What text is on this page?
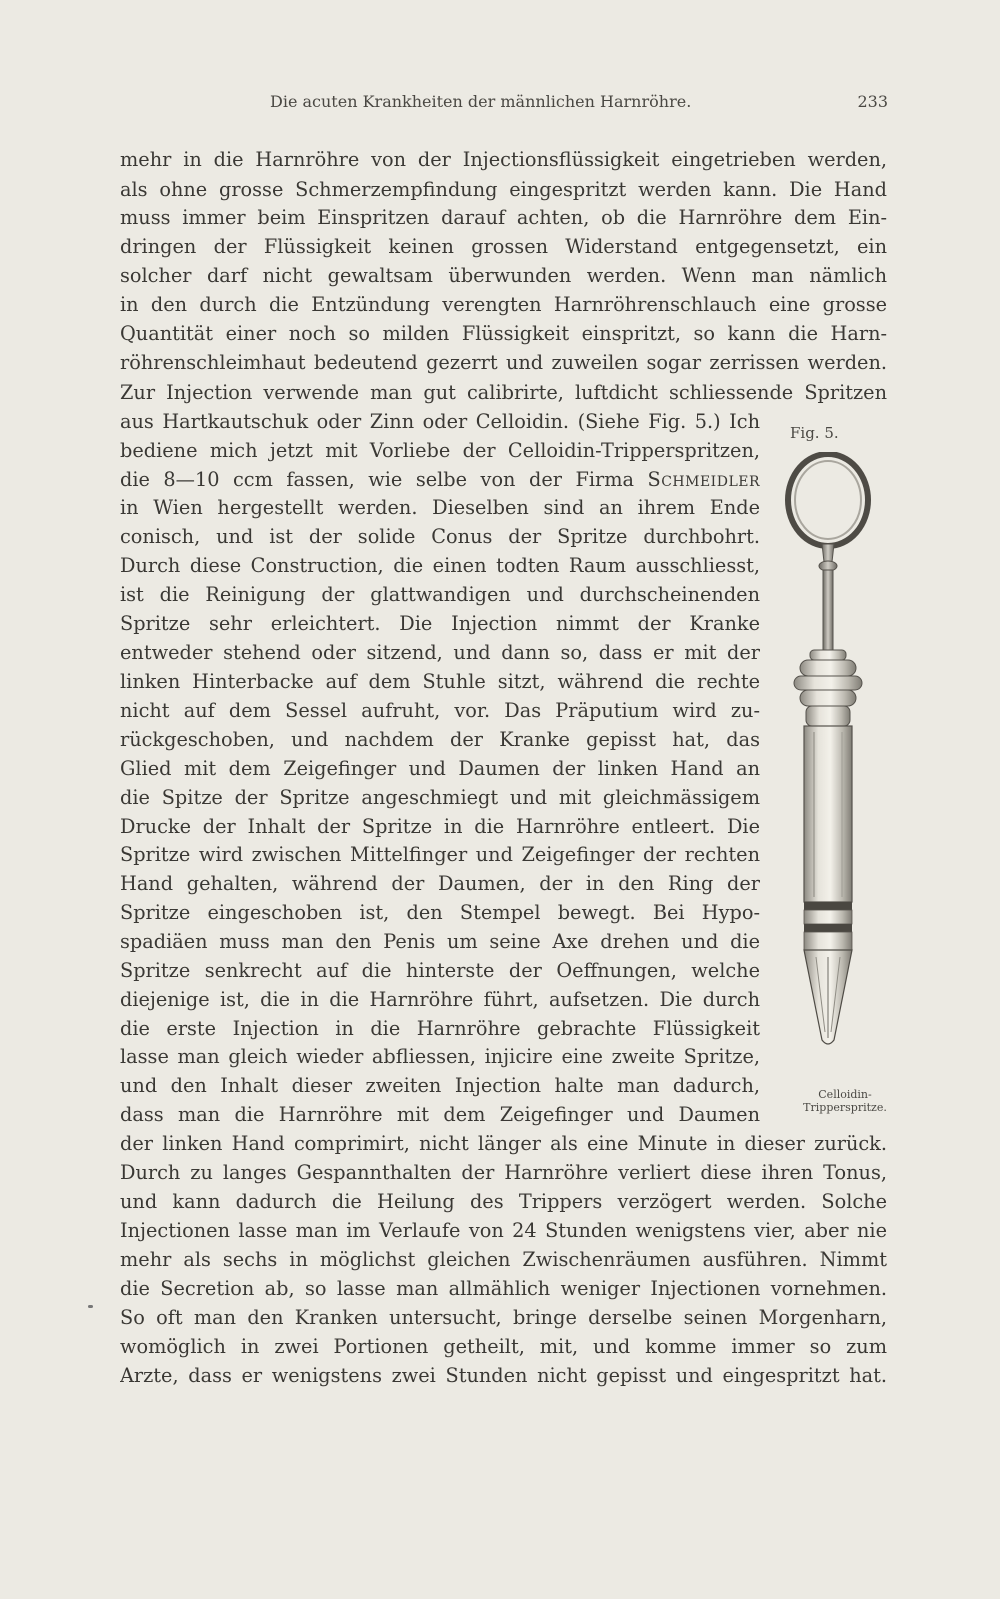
Die acuten Krankheiten der männlichen Harnröhre.	233
mehr in die Harnröhre von der Injectionsflüssigkeit eingetrieben werden,
als ohne grosse Schmerzempfindung eingespritzt werden kann. Die Hand
muss immer beim Einspritzen darauf achten, ob die Harnröhre dem Ein-
dringen der Flüssigkeit keinen grossen Widerstand entgegensetzt, ein
solcher darf nicht gewaltsam überwunden werden. Wenn man nämlich
in den durch die Entzündung verengten Harnröhrenschlauch eine grosse
Quantität einer noch so milden Flüssigkeit einspritzt, so kann die Harn-
röhrenschleimhaut bedeutend gezerrt und zuweilen sogar zerrissen werden.
Zur Injection verwende man gut calibrirte, luftdicht schliessende Spritzen
aus Hartkautschuk oder Zinn oder Celloidin. (Siehe Fig. 5.) Ich
bediene mich jetzt mit Vorliebe der Celloidin-Tripperspritzen,
die 8—10 ccm fassen, wie selbe von der Firma Schmeidler
in Wien hergestellt werden. Dieselben sind an ihrem Ende
conisch, und ist der solide Conus der Spritze durchbohrt.
Durch diese Construction, die einen todten Raum ausschliesst,
ist die Reinigung der glattwandigen und durchscheinenden
Spritze sehr erleichtert. Die Injection nimmt der Kranke
entweder stehend oder sitzend, und dann so, dass er mit der
linken Hinterbacke auf dem Stuhle sitzt, während die rechte
nicht auf dem Sessel aufruht, vor. Das Präputium wird zu-
rückgeschoben, und nachdem der Kranke gepisst hat, das
Glied mit dem Zeigefinger und Daumen der linken Hand an
die Spitze der Spritze angeschmiegt und mit gleichmässigem
Drucke der Inhalt der Spritze in die Harnröhre entleert. Die
Spritze wird zwischen Mittelfinger und Zeigefinger der rechten
Hand gehalten, während der Daumen, der in den Ring der
Spritze eingeschoben ist, den Stempel bewegt. Bei Hypo-
spadiäen muss man den Penis um seine Axe drehen und die
Spritze senkrecht auf die hinterste der Oeffnungen, welche
diejenige ist, die in die Harnröhre führt, aufsetzen. Die durch
die erste Injection in die Harnröhre gebrachte Flüssigkeit
lasse man gleich wieder abfliessen, injicire eine zweite Spritze,
und den Inhalt dieser zweiten Injection halte man dadurch,
dass man die Harnröhre mit dem Zeigefinger und Daumen
der linken Hand comprimirt, nicht länger als eine Minute in dieser zurück.
Durch zu langes Gespannthalten der Harnröhre verliert diese ihren Tonus,
und kann dadurch die Heilung des Trippers verzögert werden. Solche
Injectionen lasse man im Verlaufe von 24 Stunden wenigstens vier, aber nie
mehr als sechs in möglichst gleichen Zwischenräumen ausführen. Nimmt
die Secretion ab, so lasse man allmählich weniger Injectionen vornehmen.
So oft man den Kranken untersucht, bringe derselbe seinen Morgenharn,
womöglich in zwei Portionen getheilt, mit, und komme immer so zum
Arzte, dass er wenigstens zwei Stunden nicht gepisst und eingespritzt hat.
Fig. 5.
Celloidin-
Tripperspritze.
